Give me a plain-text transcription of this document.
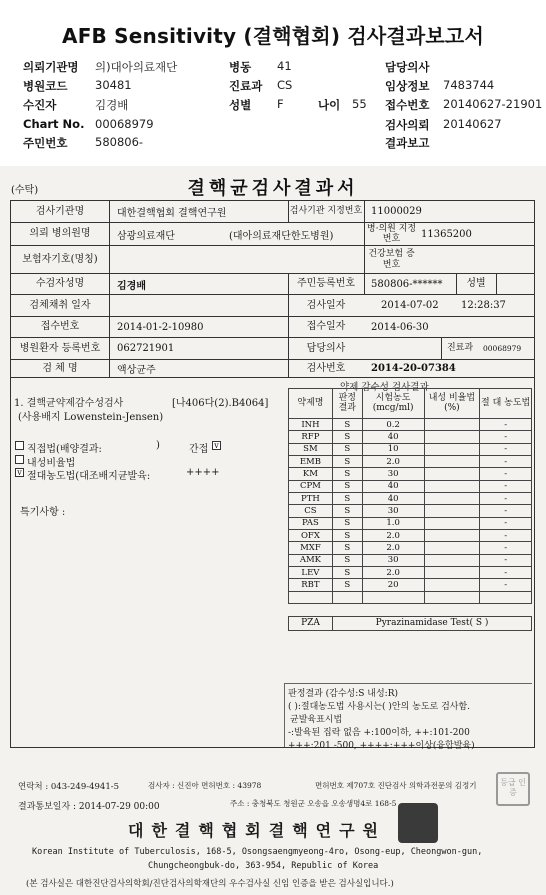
AFB Sensitivity (결핵협회) 검사결과보고서
의뢰기관명 의)대아의료재단	병동 41	담당의사
병원코드 30481	진료과 CS	임상정보 7483744
수진자	김경배	성별 F	나이 55 접수번호 20140627-21901
Chart No. 00068979	검사의뢰 20140627
주민번호 580806-	결과보고
(수탁)	결핵균검사결과서
검사기관명	대한결핵협회 결핵연구원	검사기관 지정번호 11000029
의뢰 병의원명	삼광의료재단	(대아의료재단한도병원)
병·의원 지정번호	11365200
보험자기호(명칭)	건강보험 증번호
수검자성명	김경배	주민등록번호	580806-******	성별
검체채취 일자	검사일자	2014-07-02 12:28:37
접수번호	2014-01-2-10980	접수일자	2014-06-30
병원환자 등록번호	062721901	담당의사	진료과	00068979
검 체 명	액상균주	검사번호	2014-20-07384
1. 결핵균약제감수성검사	[나406다(2).B4064]
(사용배지 Lowenstein-Jensen)
직접법(배양결과:	)	간접 v
내성비율법
v 절대농도법(대조배지균발육:	++++
특기사항 :
약제 감수성 검사결과
약제명	판정 결과	시험농도 (mcg/ml)	내성 비율법(%)	절 대 농도법
INH	S	0.2		-
RFP	S	40		-
SM	S	10		-
EMB	S	2.0		-
KM	S	30		-
CPM	S	40		-
PTH	S	40		-
CS	S	30		-
PAS	S	1.0		-
OFX	S	2.0		-
MXF	S	2.0		-
AMK	S	30		-
LEV	S	2.0		-
RBT	S	20		-

PZA	Pyrazinamidase Test( S )
판정결과 (감수성:S 내성:R)
( ):절대농도법 사용시는( )안의 농도로 검사함.
균발육표시법
-:발육된 집락 없음 +:100이하, ++:101-200
+++:201 -500, ++++:+++이상(융합발육)
연락처 : 043-249-4941-5	검사자 : 신진아 면허번호 : 43978	면허번호 제707호 진단검사 의학과전문의 김정기
결과통보일자 : 2014-07-29 00:00	주소 : 충청북도 청원군 오송읍 오송생명4로 168-5
등급 인증
대한결핵협회결핵연구원
Korean Institute of Tuberculosis, 168-5, Osongsaengmyeong-4ro, Osong-eup, Cheongwon-gun,
Chungcheongbuk-do, 363-954, Republic of Korea
(본 검사실은 대한진단검사의학회/진단검사의학재단의 우수검사실 신임 인증을 받은 검사실입니다.)
